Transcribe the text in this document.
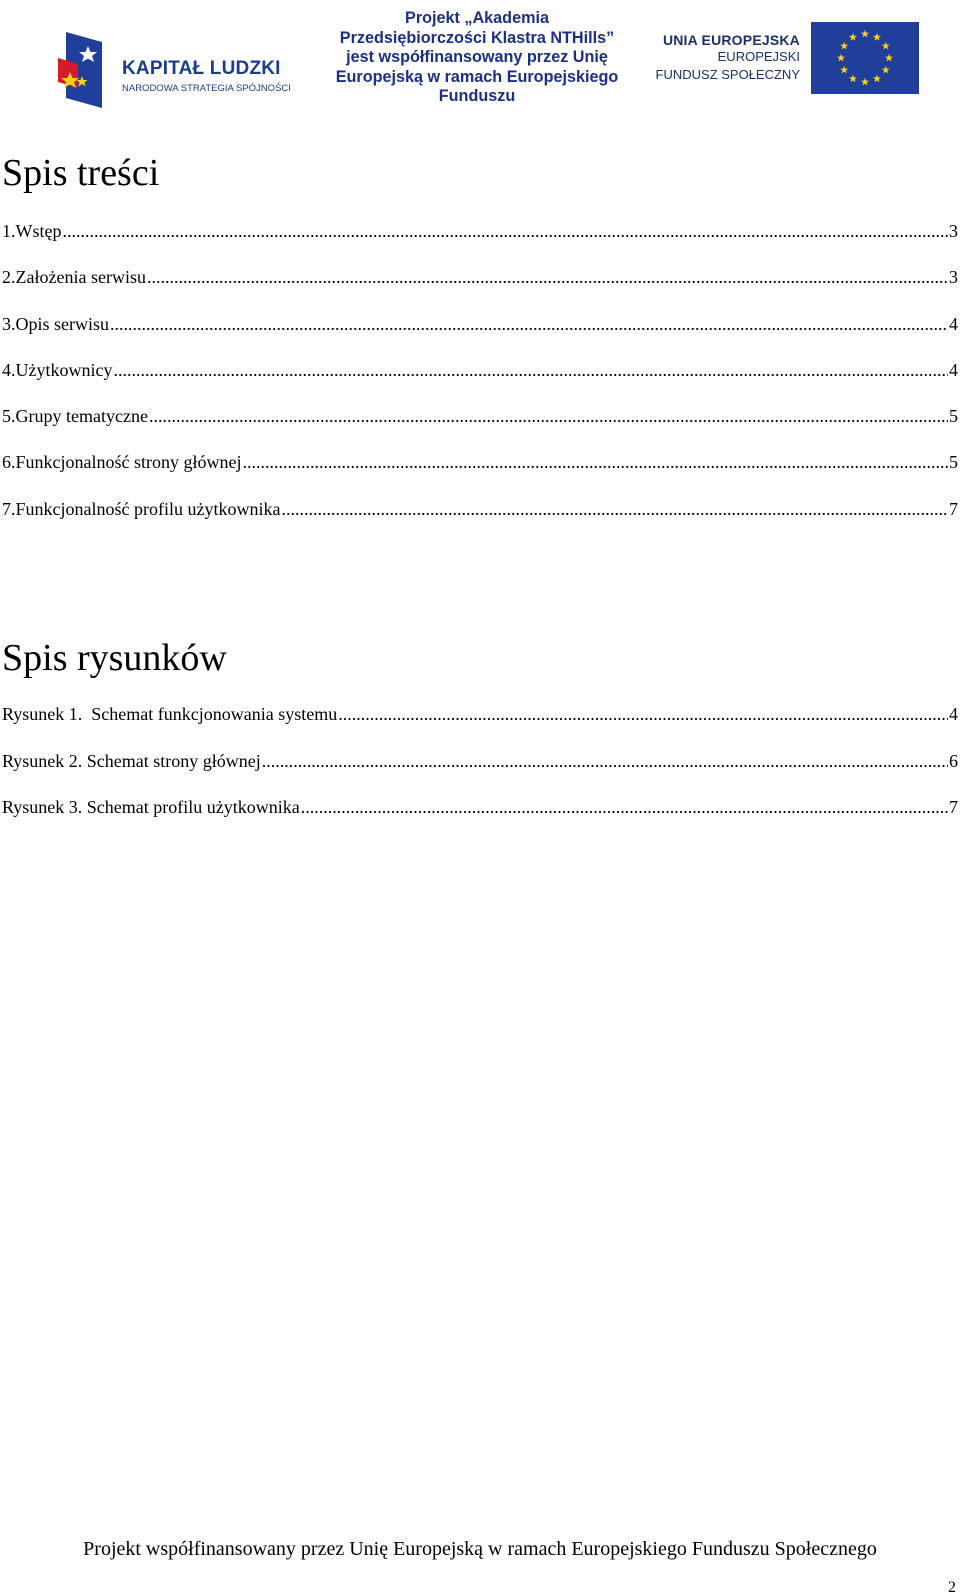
KAPITAŁ LUDZKI
NARODOWA STRATEGIA SPÓJNOŚCI
Projekt „Akademia
Przedsiębiorczości Klastra NTHills”
jest współfinansowany przez Unię
Europejską w ramach Europejskiego
Funduszu
UNIA EUROPEJSKA
EUROPEJSKI
FUNDUSZ SPOŁECZNY
Spis treści
1.Wstęp .....	3
2.Założenia serwisu .....	3
3.Opis serwisu .....	4
4.Użytkownicy .....	4
5.Grupy tematyczne .....	5
6.Funkcjonalność strony głównej .....	5
7.Funkcjonalność profilu użytkownika .....	7
Spis rysunków
Rysunek 1.  Schemat funkcjonowania systemu .....	4
Rysunek 2. Schemat strony głównej .....	6
Rysunek 3. Schemat profilu użytkownika .....	7
Projekt współfinansowany przez Unię Europejską w ramach Europejskiego Funduszu Społecznego
2
